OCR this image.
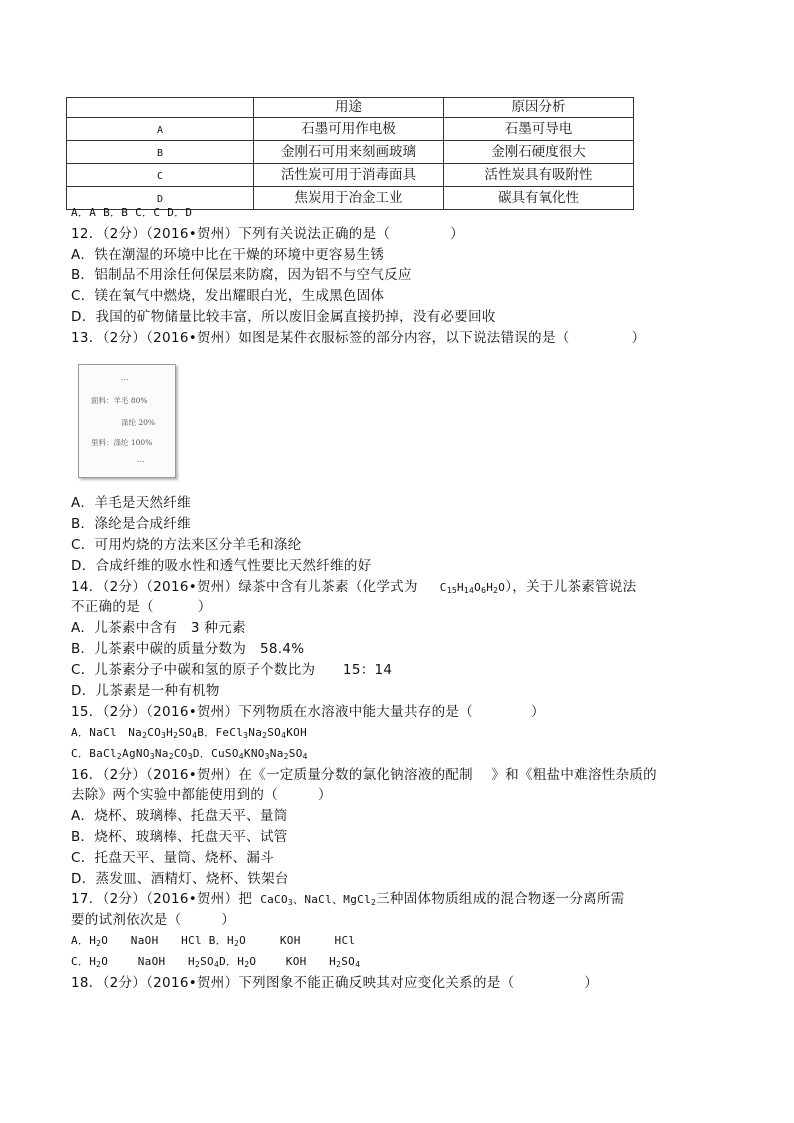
	用途	原因分析
A	石墨可用作电极	石墨可导电
B	金刚石可用来刻画玻璃	金刚石硬度很大
C	活性炭可用于消毒面具	活性炭具有吸附性
D	焦炭用于冶金工业	碳具有氧化性
A．A B．B C．C D．D
12．（2分）（2016•贺州）下列有关说法正确的是（	）
A．铁在潮湿的环境中比在干燥的环境中更容易生锈
B．铝制品不用涂任何保层来防腐，因为铝不与空气反应
C．镁在氧气中燃烧，发出耀眼白光，生成黑色固体
D．我国的矿物储量比较丰富，所以废旧金属直接扔掉，没有必要回收
13．（2分）（2016•贺州）如图是某件衣服标签的部分内容，以下说法错误的是（	）
…
面料：羊毛 80%
涤纶 20%
里料：涤纶 100%
…
A．羊毛是天然纤维
B．涤纶是合成纤维
C．可用灼烧的方法来区分羊毛和涤纶
D．合成纤维的吸水性和透气性要比天然纤维的好
14．（2分）（2016•贺州）绿茶中含有儿茶素（化学式为 $C_{15}H_{14}O_6H_2O$），关于儿茶素管说法
不正确的是（	）
A．儿茶素中含有　3 种元素
B．儿茶素中碳的质量分数为　58.4%
C．儿茶素分子中碳和氢的原子个数比为　　15：14
D．儿茶素是一种有机物
15．（2分）（2016•贺州）下列物质在水溶液中能大量共存的是（	）
A．NaCl　$Na_2CO_3H_2SO_4B$．$FeCl_3Na_2SO_4KOH$
C．$BaCl_2AgNO_3Na_2CO_3D$．$CuSO_4KNO_3Na_2SO_4$
16．（2分）（2016•贺州）在《一定质量分数的氯化钠溶液的配制　 》和《粗盐中难溶性杂质的
去除》两个实验中都能使用到的（	）
A．烧杯、玻璃棒、托盘天平、量筒
B．烧杯、玻璃棒、托盘天平、试管
C．托盘天平、量筒、烧杯、漏斗
D．蒸发皿、酒精灯、烧杯、铁架台
17．（2分）（2016•贺州）把 CaCO$_3$、NaCl、MgCl$_2$三种固体物质组成的混合物逐一分离所需
要的试剂依次是（	）
A．$H_2O$　　NaOH　　HCl B．$H_2O$　　　KOH　　　HCl
C．$H_2O$　　 NaOH　　$H_2SO_4D$．$H_2O$　　 KOH　　$H_2SO_4$
18．（2分）（2016•贺州）下列图象不能正确反映其对应变化关系的是（	）
